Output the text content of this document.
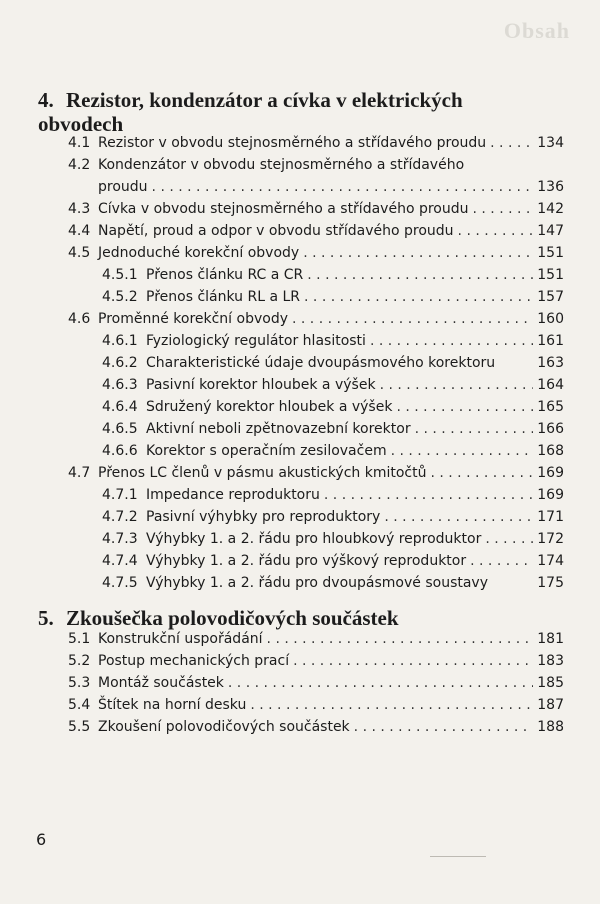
Obsah
4. Rezistor, kondenzátor a cívka v elektrických
obvodech
4.1 Rezistor v obvodu stejnosměrného a střídavého proudu . . .	134
4.2 Kondenzátor v obvodu stejnosměrného a střídavého
proudu . . .	136
4.3 Cívka v obvodu stejnosměrného a střídavého proudu . . .	142
4.4 Napětí, proud a odpor v obvodu střídavého proudu . . .	147
4.5 Jednoduché korekční obvody . . .	151
4.5.1 Přenos článku RC a CR . . .	151
4.5.2 Přenos článku RL a LR . . .	157
4.6 Proměnné korekční obvody . . .	160
4.6.1 Fyziologický regulátor hlasitosti . . .	161
4.6.2 Charakteristické údaje dvoupásmového korektoru	163
4.6.3 Pasivní korektor hloubek a výšek . . .	164
4.6.4 Sdružený korektor hloubek a výšek . . .	165
4.6.5 Aktivní neboli zpětnovazební korektor . . .	166
4.6.6 Korektor s operačním zesilovačem . . .	168
4.7 Přenos LC členů v pásmu akustických kmitočtů . . .	169
4.7.1 Impedance reproduktoru . . .	169
4.7.2 Pasivní výhybky pro reproduktory . . .	171
4.7.3 Výhybky 1. a 2. řádu pro hloubkový reproduktor . . .	172
4.7.4 Výhybky 1. a 2. řádu pro výškový reproduktor . . .	174
4.7.5 Výhybky 1. a 2. řádu pro dvoupásmové soustavy	175
5. Zkoušečka polovodičových součástek
5.1 Konstrukční uspořádání . . .	181
5.2 Postup mechanických prací . . .	183
5.3 Montáž součástek . . .	185
5.4 Štítek na horní desku . . .	187
5.5 Zkoušení polovodičových součástek . . .	188
6
